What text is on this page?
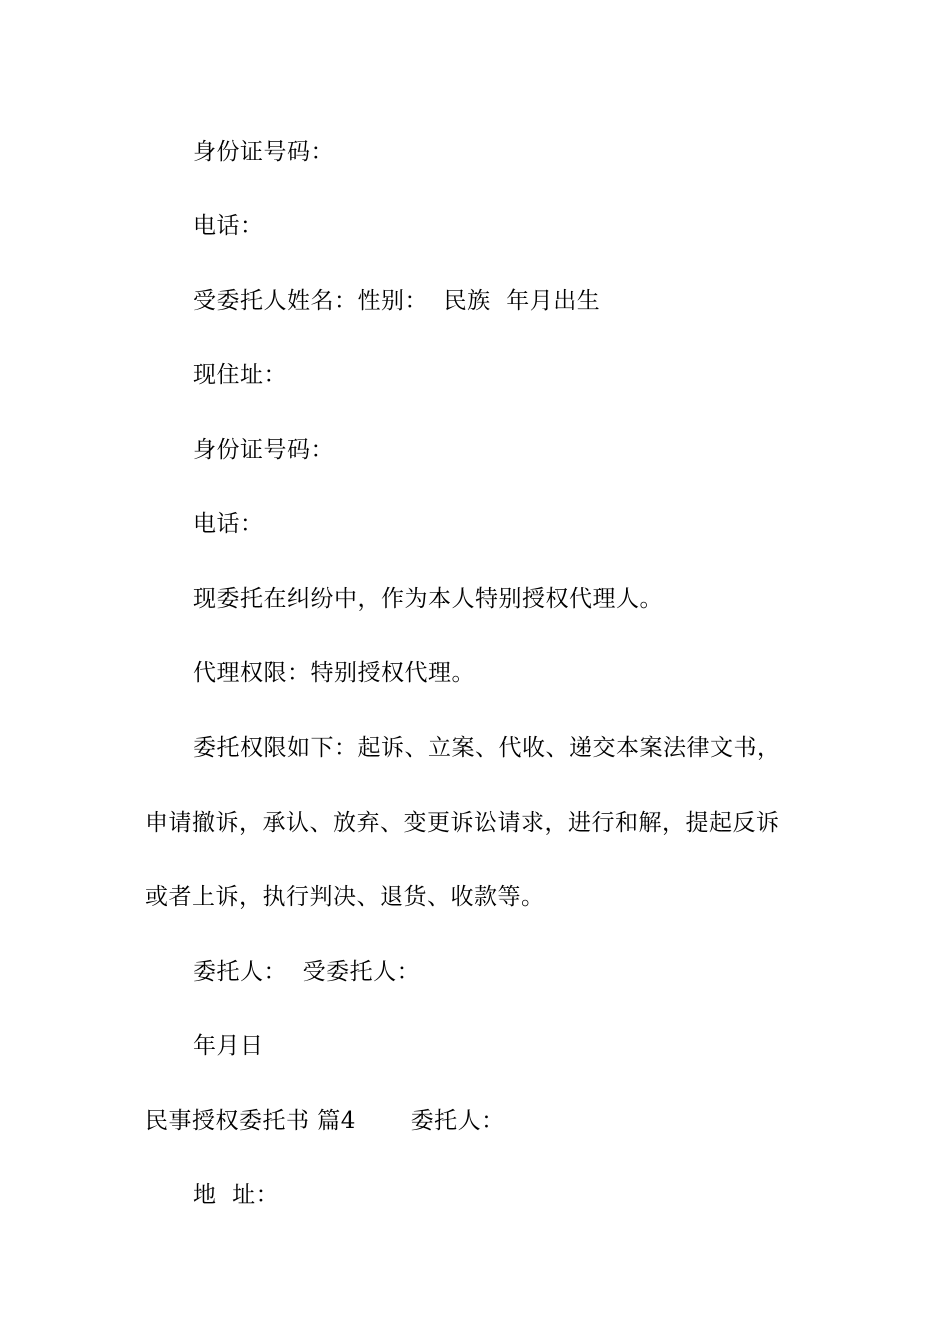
身份证号码：
电话：
受委托人姓名：性别：  民族  年月出生
现住址：
身份证号码：
电话：
现委托在纠纷中，作为本人特别授权代理人。
代理权限：特别授权代理。
委托权限如下：起诉、立案、代收、递交本案法律文书，
申请撤诉，承认、放弃、变更诉讼请求，进行和解，提起反诉
或者上诉，执行判决、退货、收款等。
委托人：  受委托人：
年月日
民事授权委托书 篇4       委托人：
地  址：
